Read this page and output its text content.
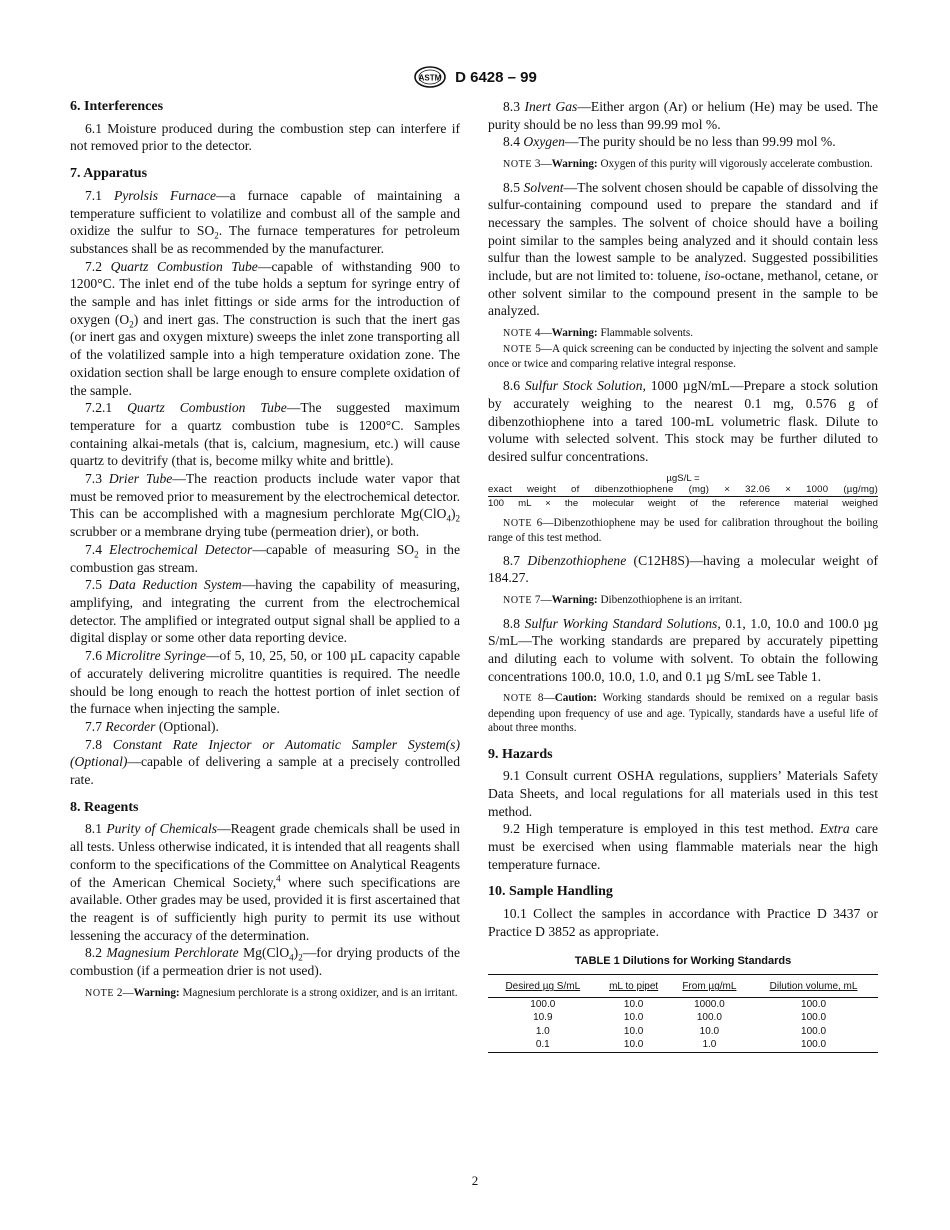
ASTM D 6428 – 99
6. Interferences

6.1 Moisture produced during the combustion step can interfere if not removed prior to the detector.

7. Apparatus

7.1 Pyrolsis Furnace—a furnace capable of maintaining a temperature sufficient to volatilize and combust all of the sample and oxidize the sulfur to $SO_2$. The furnace temperatures for petroleum substances shall be as recommended by the manufacturer.

7.2 Quartz Combustion Tube—capable of withstanding 900 to 1200°C. The inlet end of the tube holds a septum for syringe entry of the sample and has inlet fittings or side arms for the introduction of oxygen $(O_2)$ and inert gas. The construction is such that the inert gas (or inert gas and oxygen mixture) sweeps the inlet zone transporting all of the volatilized sample into a high temperature oxidation zone. The oxidation section shall be large enough to ensure complete oxidation of the sample.

7.2.1 Quartz Combustion Tube—The suggested maximum temperature for a quartz combustion tube is 1200°C. Samples containing alkai-metals (that is, calcium, magnesium, etc.) will cause quartz to devitrify (that is, become milky white and brittle).

7.3 Drier Tube—The reaction products include water vapor that must be removed prior to measurement by the electrochemical detector. This can be accomplished with a magnesium perchlorate $Mg(ClO_4)_2$ scrubber or a membrane drying tube (permeation drier), or both.

7.4 Electrochemical Detector—capable of measuring $SO_2$ in the combustion gas stream.

7.5 Data Reduction System—having the capability of measuring, amplifying, and integrating the current from the electrochemical detector. The amplified or integrated output signal shall be applied to a digital display or some other data reporting device.

7.6 Microlitre Syringe—of 5, 10, 25, 50, or 100 µL capacity capable of accurately delivering microlitre quantities is required. The needle should be long enough to reach the hottest portion of inlet section of the furnace when injecting the sample.

7.7 Recorder (Optional).

7.8 Constant Rate Injector or Automatic Sampler System(s) (Optional)—capable of delivering a sample at a precisely controlled rate.

8. Reagents

8.1 Purity of Chemicals—Reagent grade chemicals shall be used in all tests. Unless otherwise indicated, it is intended that all reagents shall conform to the specifications of the Committee on Analytical Reagents of the American Chemical Society,$^4$ where such specifications are available. Other grades may be used, provided it is first ascertained that the reagent is of sufficiently high purity to permit its use without lessening the accuracy of the determination.

8.2 Magnesium Perchlorate $Mg(ClO_4)_2—for$ drying products of the combustion (if a permeation drier is not used).

NOTE 2—Warning: Magnesium perchlorate is a strong oxidizer, and is an irritant.

8.3 Inert Gas—Either argon (Ar) or helium (He) may be used. The purity should be no less than 99.99 mol %.

8.4 Oxygen—The purity should be no less than 99.99 mol %.

NOTE 3—Warning: Oxygen of this purity will vigorously accelerate combustion.

8.5 Solvent—The solvent chosen should be capable of dissolving the sulfur-containing compound used to prepare the standard and if necessary the samples. The solvent of choice should have a boiling point similar to the samples being analyzed and it should contain less sulfur than the lowest sample to be analyzed. Suggested possibilities include, but are not limited to: toluene, iso-octane, methanol, cetane, or other solvent similar to the compound present in the sample to be analyzed.

NOTE 4—Warning: Flammable solvents.
NOTE 5—A quick screening can be conducted by injecting the solvent and sample once or twice and comparing relative integral response.

8.6 Sulfur Stock Solution, 1000 µgN/mL—Prepare a stock solution by accurately weighing to the nearest 0.1 mg, 0.576 g of dibenzothiophene into a tared 100-mL volumetric flask. Dilute to volume with selected solvent. This stock may be further diluted to desired sulfur concentrations.

µgS/L =
exact weight of dibenzothiophene (mg) × 32.06 × 1000 (µg/mg)
100 mL × the molecular weight of the reference material weighed
NOTE 6—Dibenzothiophene may be used for calibration throughout the boiling range of this test method.

8.7 Dibenzothiophene (C12H8S)—having a molecular weight of 184.27.

NOTE 7—Warning: Dibenzothiophene is an irritant.

8.8 Sulfur Working Standard Solutions, 0.1, 1.0, 10.0 and 100.0 µg S/mL—The working standards are prepared by accurately pipetting and diluting each to volume with solvent. To obtain the following concentrations 100.0, 10.0, 1.0, and 0.1 µg S/mL see Table 1.

NOTE 8—Caution: Working standards should be remixed on a regular basis depending upon frequency of use and age. Typically, standards have a useful life of about three months.
9. Hazards

9.1 Consult current OSHA regulations, suppliers’ Materials Safety Data Sheets, and local regulations for all materials used in this test method.

9.2 High temperature is employed in this test method. Extra care must be exercised when using flammable materials near the high temperature furnace.

10. Sample Handling

10.1 Collect the samples in accordance with Practice D 3437 or Practice D 3852 as appropriate.

TABLE 1 Dilutions for Working Standards
Desired µg S/mL	mL to pipet	From µg/mL	Dilution volume, mL
100.0	10.0	1000.0	100.0
10.9	10.0	100.0	100.0
1.0	10.0	10.0	100.0
0.1	10.0	1.0	100.0
2
